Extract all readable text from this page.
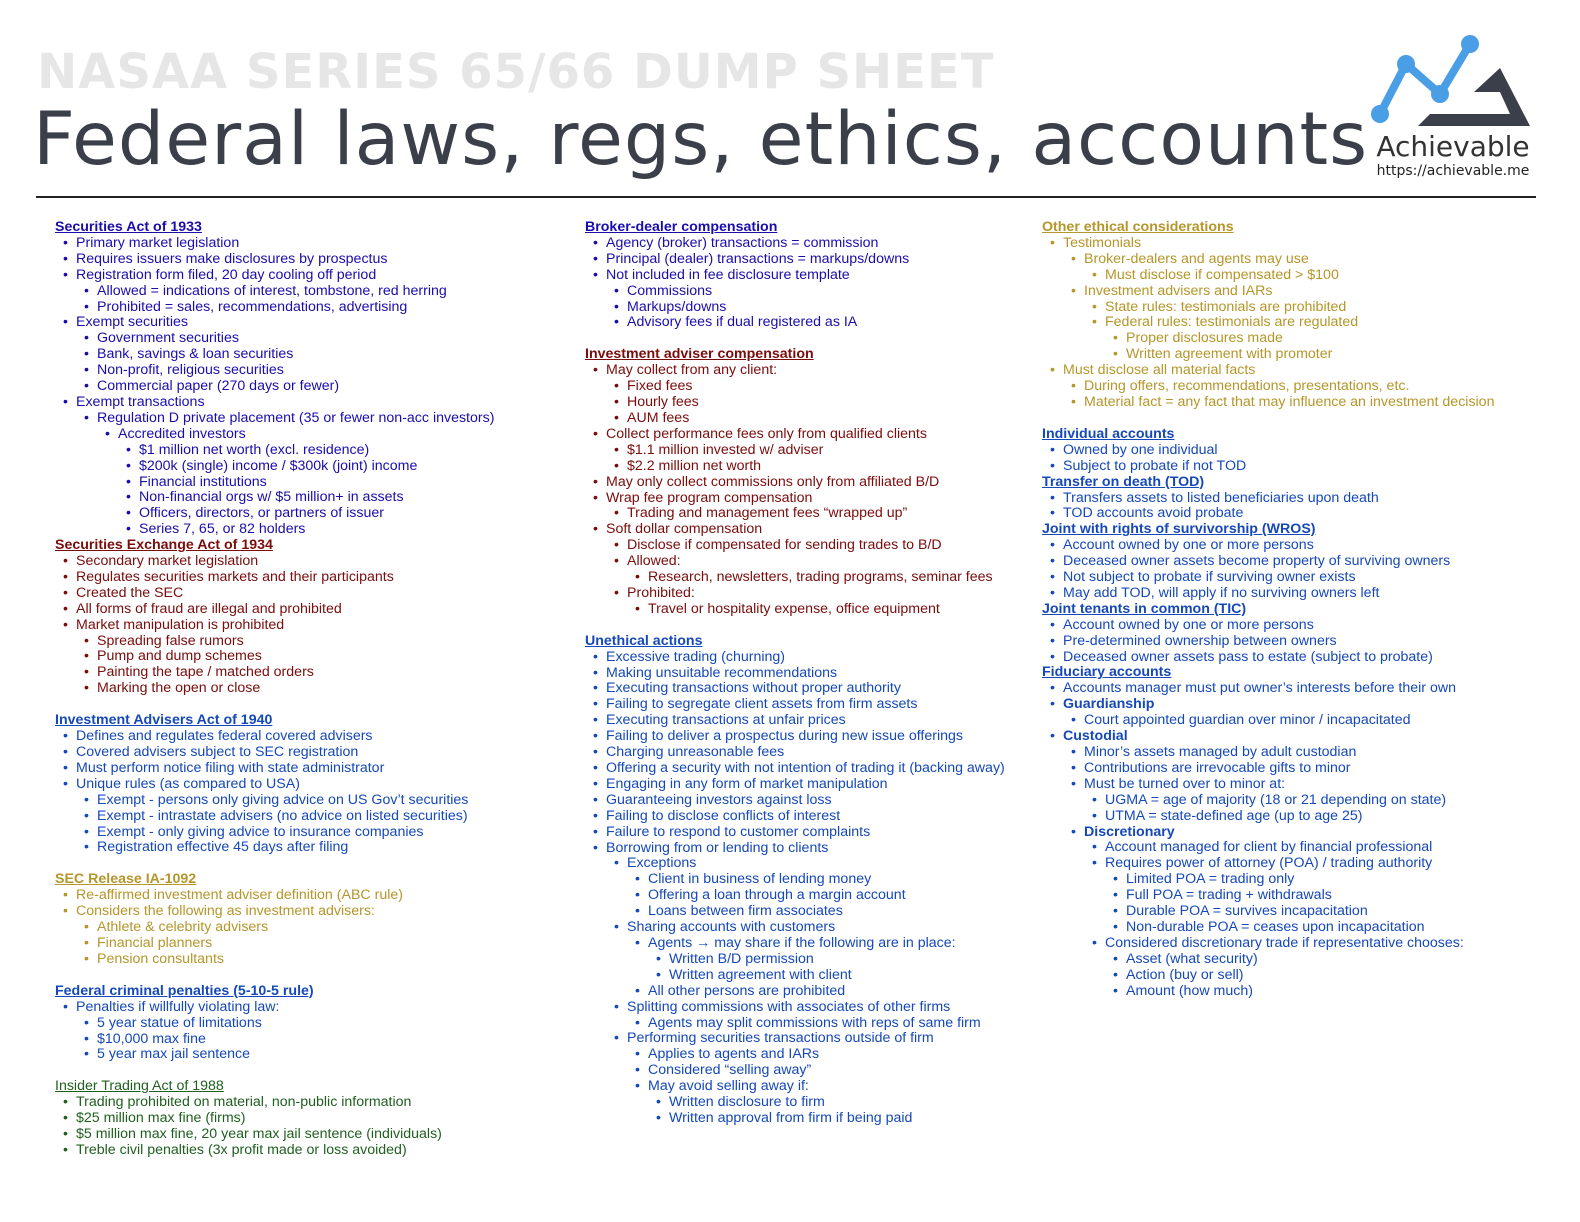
NASAA SERIES 65/66 DUMP SHEET
Federal laws, regs, ethics, accounts Achievable
https://achievable.me
Securities Act of 1933
• Primary market legislation
• Requires issuers make disclosures by prospectus
• Registration form filed, 20 day cooling off period
• Allowed = indications of interest, tombstone, red herring
• Prohibited = sales, recommendations, advertising
• Exempt securities
• Government securities
• Bank, savings & loan securities
• Non-profit, religious securities
• Commercial paper (270 days or fewer)
• Exempt transactions
• Regulation D private placement (35 or fewer non-acc investors)
• Accredited investors
• $1 million net worth (excl. residence)
• $200k (single) income / $300k (joint) income
• Financial institutions
• Non-financial orgs w/ $5 million+ in assets
• Officers, directors, or partners of issuer
• Series 7, 65, or 82 holders
Securities Exchange Act of 1934
• Secondary market legislation
• Regulates securities markets and their participants
• Created the SEC
• All forms of fraud are illegal and prohibited
• Market manipulation is prohibited
• Spreading false rumors
• Pump and dump schemes
• Painting the tape / matched orders
• Marking the open or close
Investment Advisers Act of 1940
• Defines and regulates federal covered advisers
• Covered advisers subject to SEC registration
• Must perform notice filing with state administrator
• Unique rules (as compared to USA)
• Exempt - persons only giving advice on US Gov’t securities
• Exempt - intrastate advisers (no advice on listed securities)
• Exempt - only giving advice to insurance companies
• Registration effective 45 days after filing
SEC Release IA-1092
• Re-affirmed investment adviser definition (ABC rule)
• Considers the following as investment advisers:
• Athlete & celebrity advisers
• Financial planners
• Pension consultants
Federal criminal penalties (5-10-5 rule)
• Penalties if willfully violating law:
• 5 year statue of limitations
• $10,000 max fine
• 5 year max jail sentence
Insider Trading Act of 1988
• Trading prohibited on material, non-public information
• $25 million max fine (firms)
• $5 million max fine, 20 year max jail sentence (individuals)
• Treble civil penalties (3x profit made or loss avoided)
Broker-dealer compensation
• Agency (broker) transactions = commission
• Principal (dealer) transactions = markups/downs
• Not included in fee disclosure template
• Commissions
• Markups/downs
• Advisory fees if dual registered as IA
Investment adviser compensation
• May collect from any client:
• Fixed fees
• Hourly fees
• AUM fees
• Collect performance fees only from qualified clients
• $1.1 million invested w/ adviser
• $2.2 million net worth
• May only collect commissions only from affiliated B/D
• Wrap fee program compensation
• Trading and management fees “wrapped up”
• Soft dollar compensation
• Disclose if compensated for sending trades to B/D
• Allowed:
• Research, newsletters, trading programs, seminar fees
• Prohibited:
• Travel or hospitality expense, office equipment
Unethical actions
• Excessive trading (churning)
• Making unsuitable recommendations
• Executing transactions without proper authority
• Failing to segregate client assets from firm assets
• Executing transactions at unfair prices
• Failing to deliver a prospectus during new issue offerings
• Charging unreasonable fees
• Offering a security with not intention of trading it (backing away)
• Engaging in any form of market manipulation
• Guaranteeing investors against loss
• Failing to disclose conflicts of interest
• Failure to respond to customer complaints
• Borrowing from or lending to clients
• Exceptions
• Client in business of lending money
• Offering a loan through a margin account
• Loans between firm associates
• Sharing accounts with customers
• Agents → may share if the following are in place:
• Written B/D permission
• Written agreement with client
• All other persons are prohibited
• Splitting commissions with associates of other firms
• Agents may split commissions with reps of same firm
• Performing securities transactions outside of firm
• Applies to agents and IARs
• Considered “selling away”
• May avoid selling away if:
• Written disclosure to firm
• Written approval from firm if being paid
Other ethical considerations
• Testimonials
• Broker-dealers and agents may use
• Must disclose if compensated > $100
• Investment advisers and IARs
• State rules: testimonials are prohibited
• Federal rules: testimonials are regulated
• Proper disclosures made
• Written agreement with promoter
• Must disclose all material facts
• During offers, recommendations, presentations, etc.
• Material fact = any fact that may influence an investment decision
Individual accounts
• Owned by one individual
• Subject to probate if not TOD
Transfer on death (TOD)
• Transfers assets to listed beneficiaries upon death
• TOD accounts avoid probate
Joint with rights of survivorship (WROS)
• Account owned by one or more persons
• Deceased owner assets become property of surviving owners
• Not subject to probate if surviving owner exists
• May add TOD, will apply if no surviving owners left
Joint tenants in common (TIC)
• Account owned by one or more persons
• Pre-determined ownership between owners
• Deceased owner assets pass to estate (subject to probate)
Fiduciary accounts
• Accounts manager must put owner’s interests before their own
• Guardianship
• Court appointed guardian over minor / incapacitated
• Custodial
• Minor’s assets managed by adult custodian
• Contributions are irrevocable gifts to minor
• Must be turned over to minor at:
• UGMA = age of majority (18 or 21 depending on state)
• UTMA = state-defined age (up to age 25)
• Discretionary
• Account managed for client by financial professional
• Requires power of attorney (POA) / trading authority
• Limited POA = trading only
• Full POA = trading + withdrawals
• Durable POA = survives incapacitation
• Non-durable POA = ceases upon incapacitation
• Considered discretionary trade if representative chooses:
• Asset (what security)
• Action (buy or sell)
• Amount (how much)
